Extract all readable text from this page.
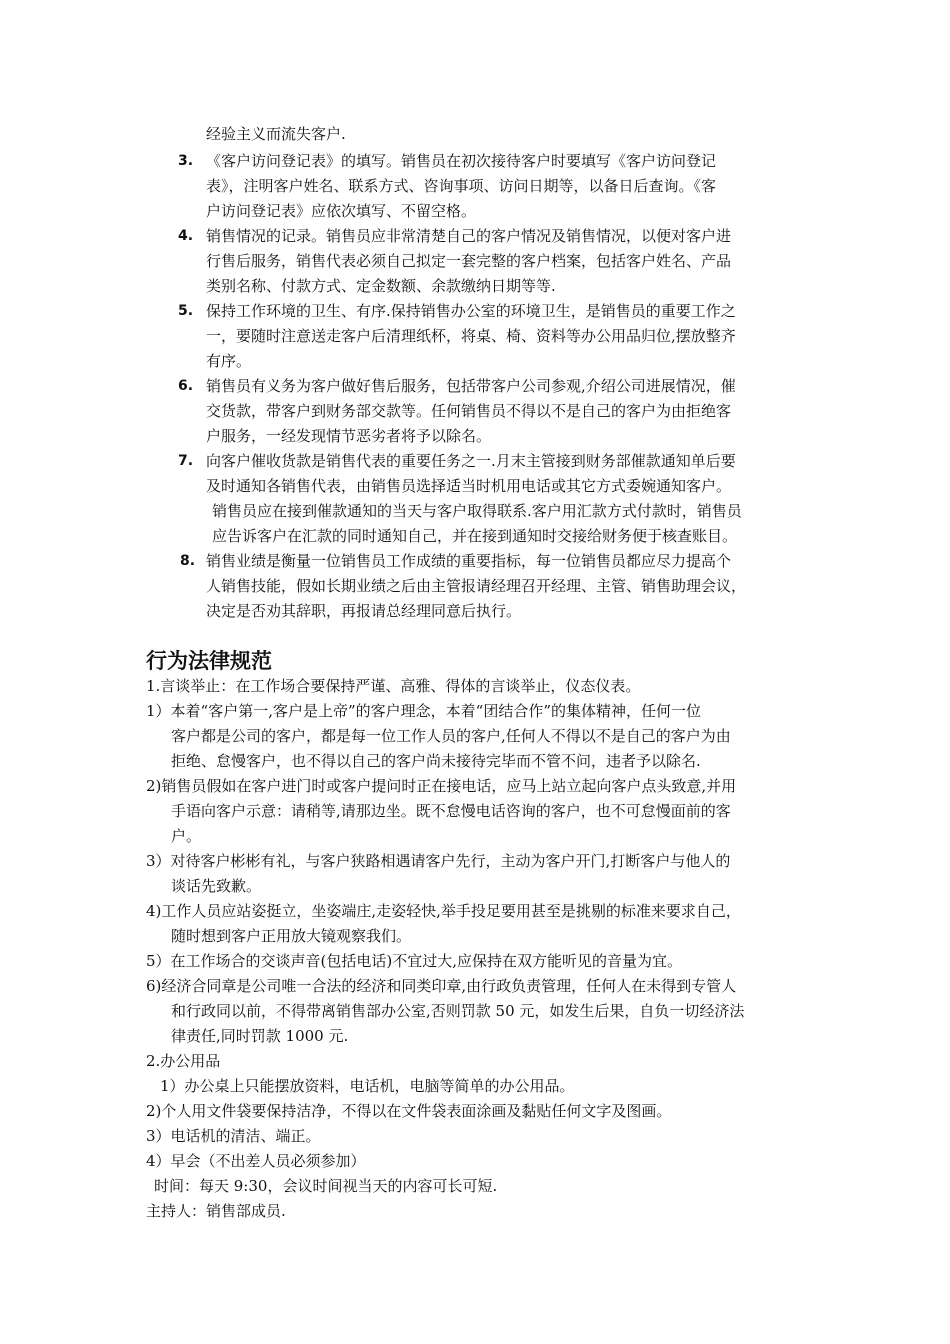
经验主义而流失客户.
3. 《客户访问登记表》的填写。销售员在初次接待客户时要填写《客户访问登记
表》，注明客户姓名、联系方式、咨询事项、访问日期等，以备日后查询。《客
户访问登记表》应依次填写、不留空格。
4. 销售情况的记录。销售员应非常清楚自己的客户情况及销售情况，以便对客户进
行售后服务，销售代表必须自己拟定一套完整的客户档案，包括客户姓名、产品
类别名称、付款方式、定金数额、余款缴纳日期等等.
5. 保持工作环境的卫生、有序.保持销售办公室的环境卫生，是销售员的重要工作之
一，要随时注意送走客户后清理纸杯，将桌、椅、资料等办公用品归位,摆放整齐
有序。
6. 销售员有义务为客户做好售后服务，包括带客户公司参观,介绍公司进展情况，催
交货款，带客户到财务部交款等。任何销售员不得以不是自己的客户为由拒绝客
户服务，一经发现情节恶劣者将予以除名。
7. 向客户催收货款是销售代表的重要任务之一.月末主管接到财务部催款通知单后要
及时通知各销售代表，由销售员选择适当时机用电话或其它方式委婉通知客户。
销售员应在接到催款通知的当天与客户取得联系.客户用汇款方式付款时，销售员
应告诉客户在汇款的同时通知自己，并在接到通知时交接给财务便于核查账目。
8. 销售业绩是衡量一位销售员工作成绩的重要指标，每一位销售员都应尽力提高个
人销售技能，假如长期业绩之后由主管报请经理召开经理、主管、销售助理会议，
决定是否劝其辞职，再报请总经理同意后执行。
行为法律规范
1.言谈举止：在工作场合要保持严谨、高雅、得体的言谈举止，仪态仪表。
1）本着“客户第一,客户是上帝”的客户理念，本着“团结合作”的集体精神，任何一位
客户都是公司的客户，都是每一位工作人员的客户,任何人不得以不是自己的客户为由
拒绝、怠慢客户，也不得以自己的客户尚未接待完毕而不管不问，违者予以除名.
2)销售员假如在客户进门时或客户提问时正在接电话，应马上站立起向客户点头致意,并用
手语向客户示意：请稍等,请那边坐。既不怠慢电话咨询的客户，也不可怠慢面前的客
户。
3）对待客户彬彬有礼，与客户狭路相遇请客户先行，主动为客户开门,打断客户与他人的
谈话先致歉。
4)工作人员应站姿挺立，坐姿端庄,走姿轻快,举手投足要用甚至是挑剔的标准来要求自己，
随时想到客户正用放大镜观察我们。
5）在工作场合的交谈声音(包括电话)不宜过大,应保持在双方能听见的音量为宜。
6)经济合同章是公司唯一合法的经济和同类印章,由行政负责管理，任何人在未得到专管人
和行政同以前，不得带离销售部办公室,否则罚款 50 元，如发生后果，自负一切经济法
律责任,同时罚款 1000 元.
2.办公用品
1）办公桌上只能摆放资料，电话机，电脑等简单的办公用品。
2)个人用文件袋要保持洁净，不得以在文件袋表面涂画及黏贴任何文字及图画。
3）电话机的清洁、端正。
4）早会（不出差人员必须参加）
时间：每天 9:30，会议时间视当天的内容可长可短.
主持人：销售部成员.
